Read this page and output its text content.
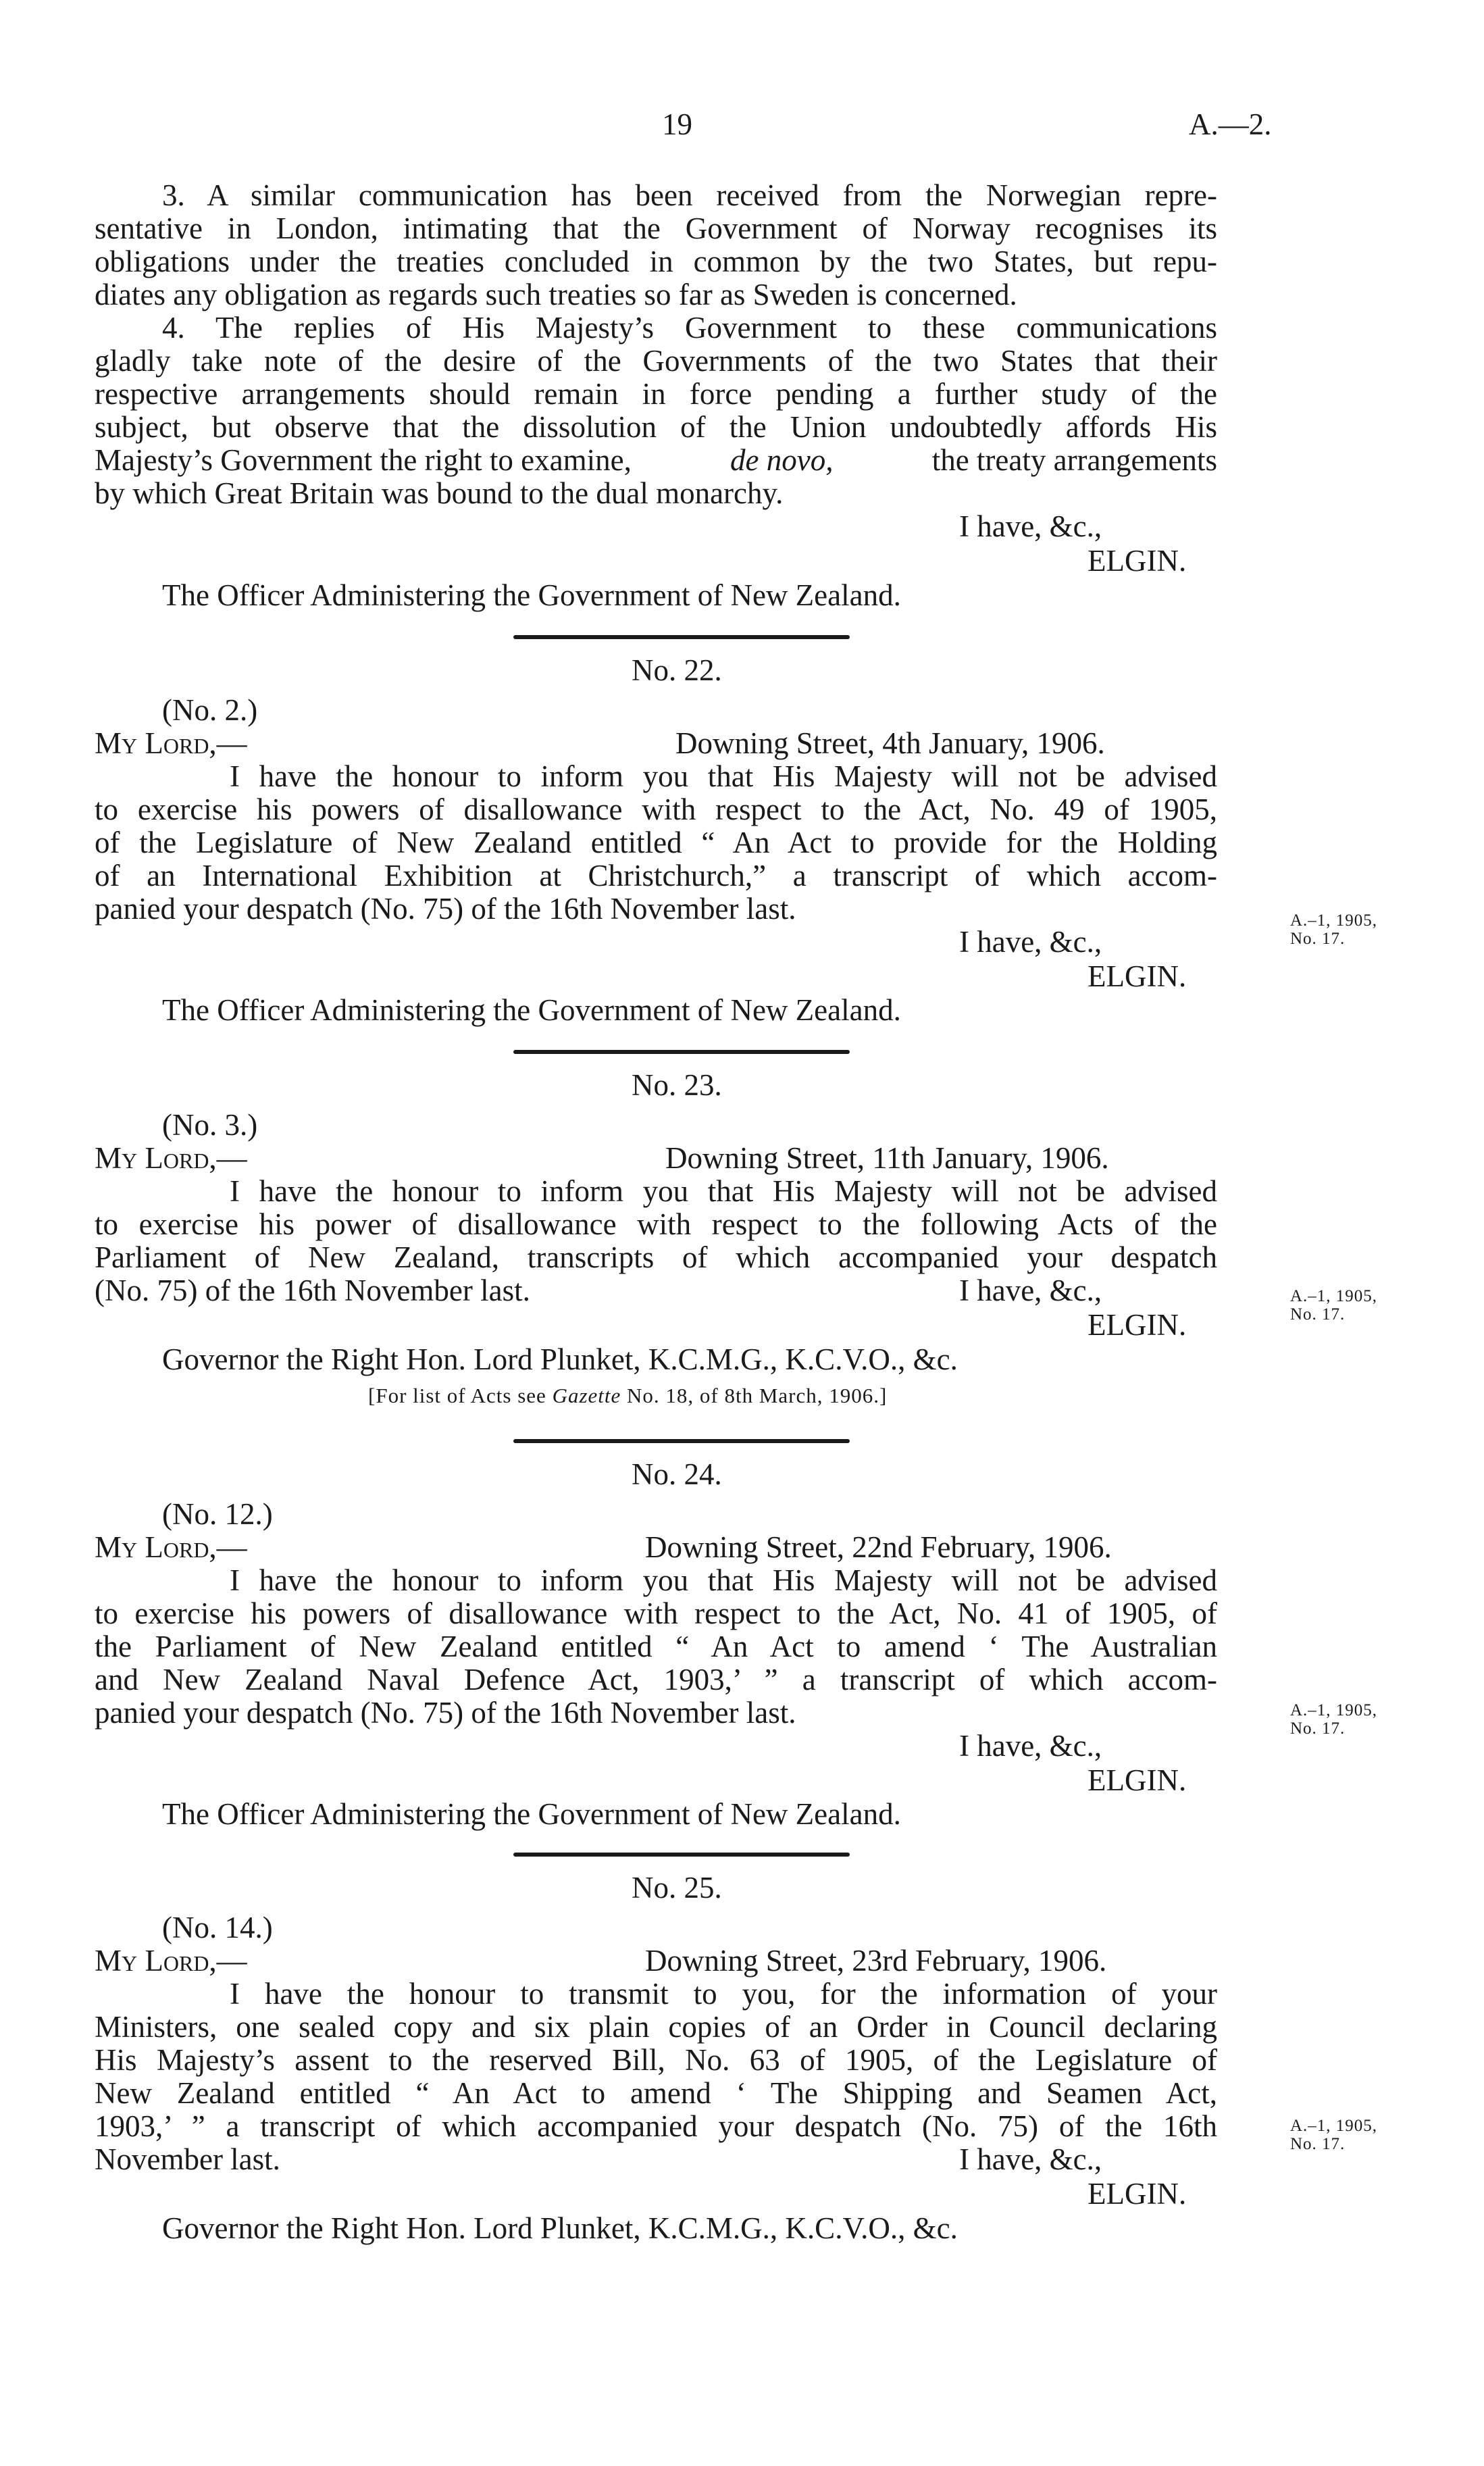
19	A.—2.
3. A similar communication has been received from the Norwegian repre-
sentative in London, intimating that the Government of Norway recognises its
obligations under the treaties concluded in common by the two States, but repu-
diates any obligation as regards such treaties so far as Sweden is concerned.
4. The replies of His Majesty’s Government to these communications
gladly take note of the desire of the Governments of the two States that their
respective arrangements should remain in force pending a further study of the
subject, but observe that the dissolution of the Union undoubtedly affords His
Majesty’s Government the right to examine,	de novo,	the treaty arrangements
by which Great Britain was bound to the dual monarchy.
I have, &c.,
ELGIN.
The Officer Administering the Government of New Zealand.
No. 22.
(No. 2.)
My Lord,—	Downing Street, 4th January, 1906.
I have the honour to inform you that His Majesty will not be advised
to exercise his powers of disallowance with respect to the Act, No. 49 of 1905,
of the Legislature of New Zealand entitled “ An Act to provide for the Holding
of an International Exhibition at Christchurch,” a transcript of which accom-
panied your despatch (No. 75) of the 16th November last.	A.–1, 1905,
No. 17.
I have, &c.,
ELGIN.
The Officer Administering the Government of New Zealand.
No. 23.
(No. 3.)
My Lord,—	Downing Street, 11th January, 1906.
I have the honour to inform you that His Majesty will not be advised
to exercise his power of disallowance with respect to the following Acts of the
Parliament of New Zealand, transcripts of which accompanied your despatch
(No. 75) of the 16th November last.	I have, &c.,	A.–1, 1905,
No. 17.
ELGIN.
Governor the Right Hon. Lord Plunket, K.C.M.G., K.C.V.O., &c.
[For list of Acts see Gazette No. 18, of 8th March, 1906.]
No. 24.
(No. 12.)
My Lord,—	Downing Street, 22nd February, 1906.
I have the honour to inform you that His Majesty will not be advised
to exercise his powers of disallowance with respect to the Act, No. 41 of 1905, of
the Parliament of New Zealand entitled “ An Act to amend ‘ The Australian
and New Zealand Naval Defence Act, 1903,’ ” a transcript of which accom-
panied your despatch (No. 75) of the 16th November last.	A.–1, 1905,
No. 17.
I have, &c.,
ELGIN.
The Officer Administering the Government of New Zealand.
No. 25.
(No. 14.)
My Lord,—	Downing Street, 23rd February, 1906.
I have the honour to transmit to you, for the information of your
Ministers, one sealed copy and six plain copies of an Order in Council declaring
His Majesty’s assent to the reserved Bill, No. 63 of 1905, of the Legislature of
New Zealand entitled “ An Act to amend ‘ The Shipping and Seamen Act,
1903,’ ” a transcript of which accompanied your despatch (No. 75) of the 16th	A.–1, 1905,
No. 17.
November last.	I have, &c.,
ELGIN.
Governor the Right Hon. Lord Plunket, K.C.M.G., K.C.V.O., &c.
